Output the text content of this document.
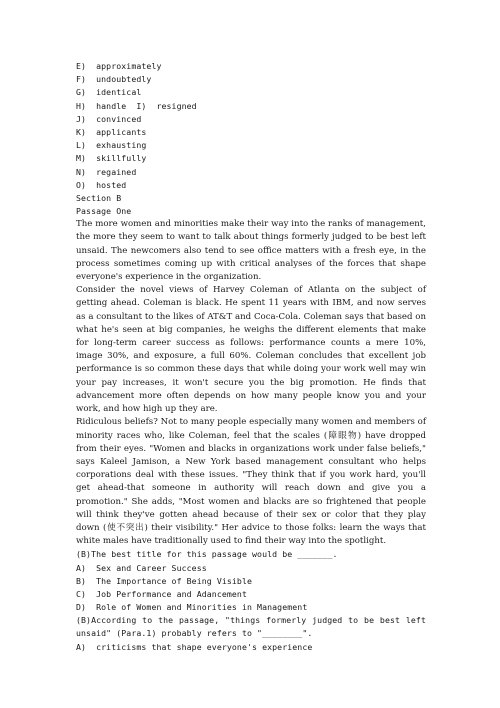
E)  approximately
F)  undoubtedly
G)  identical
H)  handle  I)  resigned
J)  convinced
K)  applicants
L)  exhausting
M)  skillfully
N)  regained
O)  hosted
Section B
Passage One
The more women and minorities make their way into the ranks of management, the more they seem to want to talk about things formerly judged to be best left unsaid. The newcomers also tend to see office matters with a fresh eye, in the process sometimes coming up with critical analyses of the forces that shape everyone's experience in the organization.
Consider the novel views of Harvey Coleman of Atlanta on the subject of getting ahead. Coleman is black. He spent 11 years with IBM, and now serves as a consultant to the likes of AT&T and Coca-Cola. Coleman says that based on what he's seen at big companies, he weighs the different elements that make for long-term career success as follows: performance counts a mere 10%, image 30%, and exposure, a full 60%. Coleman concludes that excellent job performance is so common these days that while doing your work well may win your pay increases, it won't secure you the big promotion. He finds that advancement more often depends on how many people know you and your work, and how high up they are.
Ridiculous beliefs? Not to many people especially many women and members of minority races who, like Coleman, feel that the scales (障眼物) have dropped from their eyes. "Women and blacks in organizations work under false beliefs," says Kaleel Jamison, a New York based management consultant who helps corporations deal with these issues. "They think that if you work hard, you'll get ahead-that someone in authority will reach down and give you a promotion." She adds, "Most women and blacks are so frightened that people will think they've gotten ahead because of their sex or color that they play down (使不突出) their visibility." Her advice to those folks: learn the ways that white males have traditionally used to find their way into the spotlight.
(B)The best title for this passage would be _______.
A)  Sex and Career Success
B)  The Importance of Being Visible
C)  Job Performance and Adancement
D)  Role of Women and Minorities in Management
(B)According to the passage, "things formerly judged to be best left unsaid" (Para.1) probably refers to "________".
A)  criticisms that shape everyone's experience
